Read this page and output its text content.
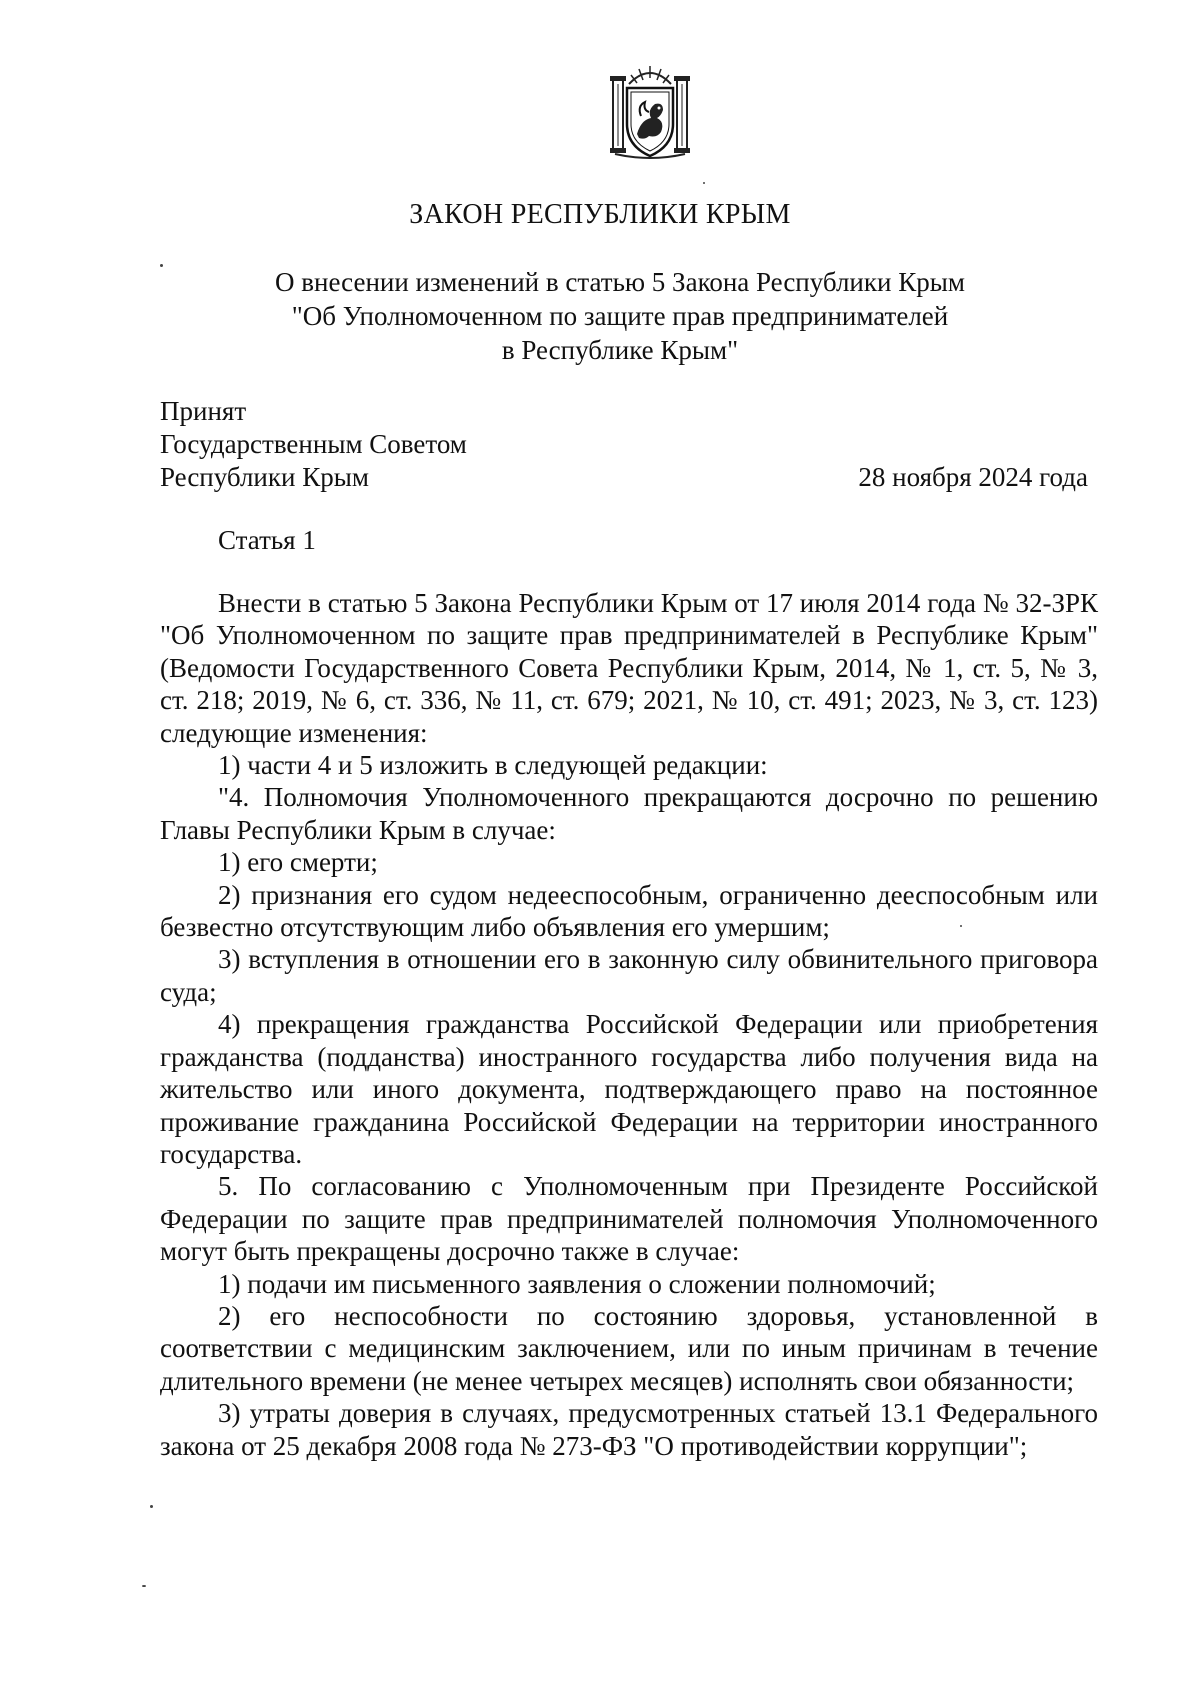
ЗАКОН РЕСПУБЛИКИ КРЫМ
О внесении изменений в статью 5 Закона Республики Крым
"Об Уполномоченном по защите прав предпринимателей
в Республике Крым"
Принят
Государственным Советом
Республики Крым	28 ноября 2024 года
Статья 1

Внести в статью 5 Закона Республики Крым от 17 июля 2014 года № 32-ЗРК "Об Уполномоченном по защите прав предпринимателей в Республике Крым" (Ведомости Государственного Совета Республики Крым, 2014, № 1, ст. 5, № 3, ст. 218; 2019, № 6, ст. 336, № 11, ст. 679; 2021, № 10, ст. 491; 2023, № 3, ст. 123) следующие изменения:

1) части 4 и 5 изложить в следующей редакции:

"4. Полномочия Уполномоченного прекращаются досрочно по решению Главы Республики Крым в случае:

1) его смерти;

2) признания его судом недееспособным, ограниченно дееспособным или безвестно отсутствующим либо объявления его умершим;

3) вступления в отношении его в законную силу обвинительного приговора суда;

4) прекращения гражданства Российской Федерации или приобретения гражданства (подданства) иностранного государства либо получения вида на жительство или иного документа, подтверждающего право на постоянное проживание гражданина Российской Федерации на территории иностранного государства.

5. По согласованию с Уполномоченным при Президенте Российской Федерации по защите прав предпринимателей полномочия Уполномоченного могут быть прекращены досрочно также в случае:

1) подачи им письменного заявления о сложении полномочий;

2) его неспособности по состоянию здоровья, установленной в соответствии с медицинским заключением, или по иным причинам в течение длительного времени (не менее четырех месяцев) исполнять свои обязанности;

3) утраты доверия в случаях, предусмотренных статьей 13.1 Федерального закона от 25 декабря 2008 года № 273-ФЗ "О противодействии коррупции";
